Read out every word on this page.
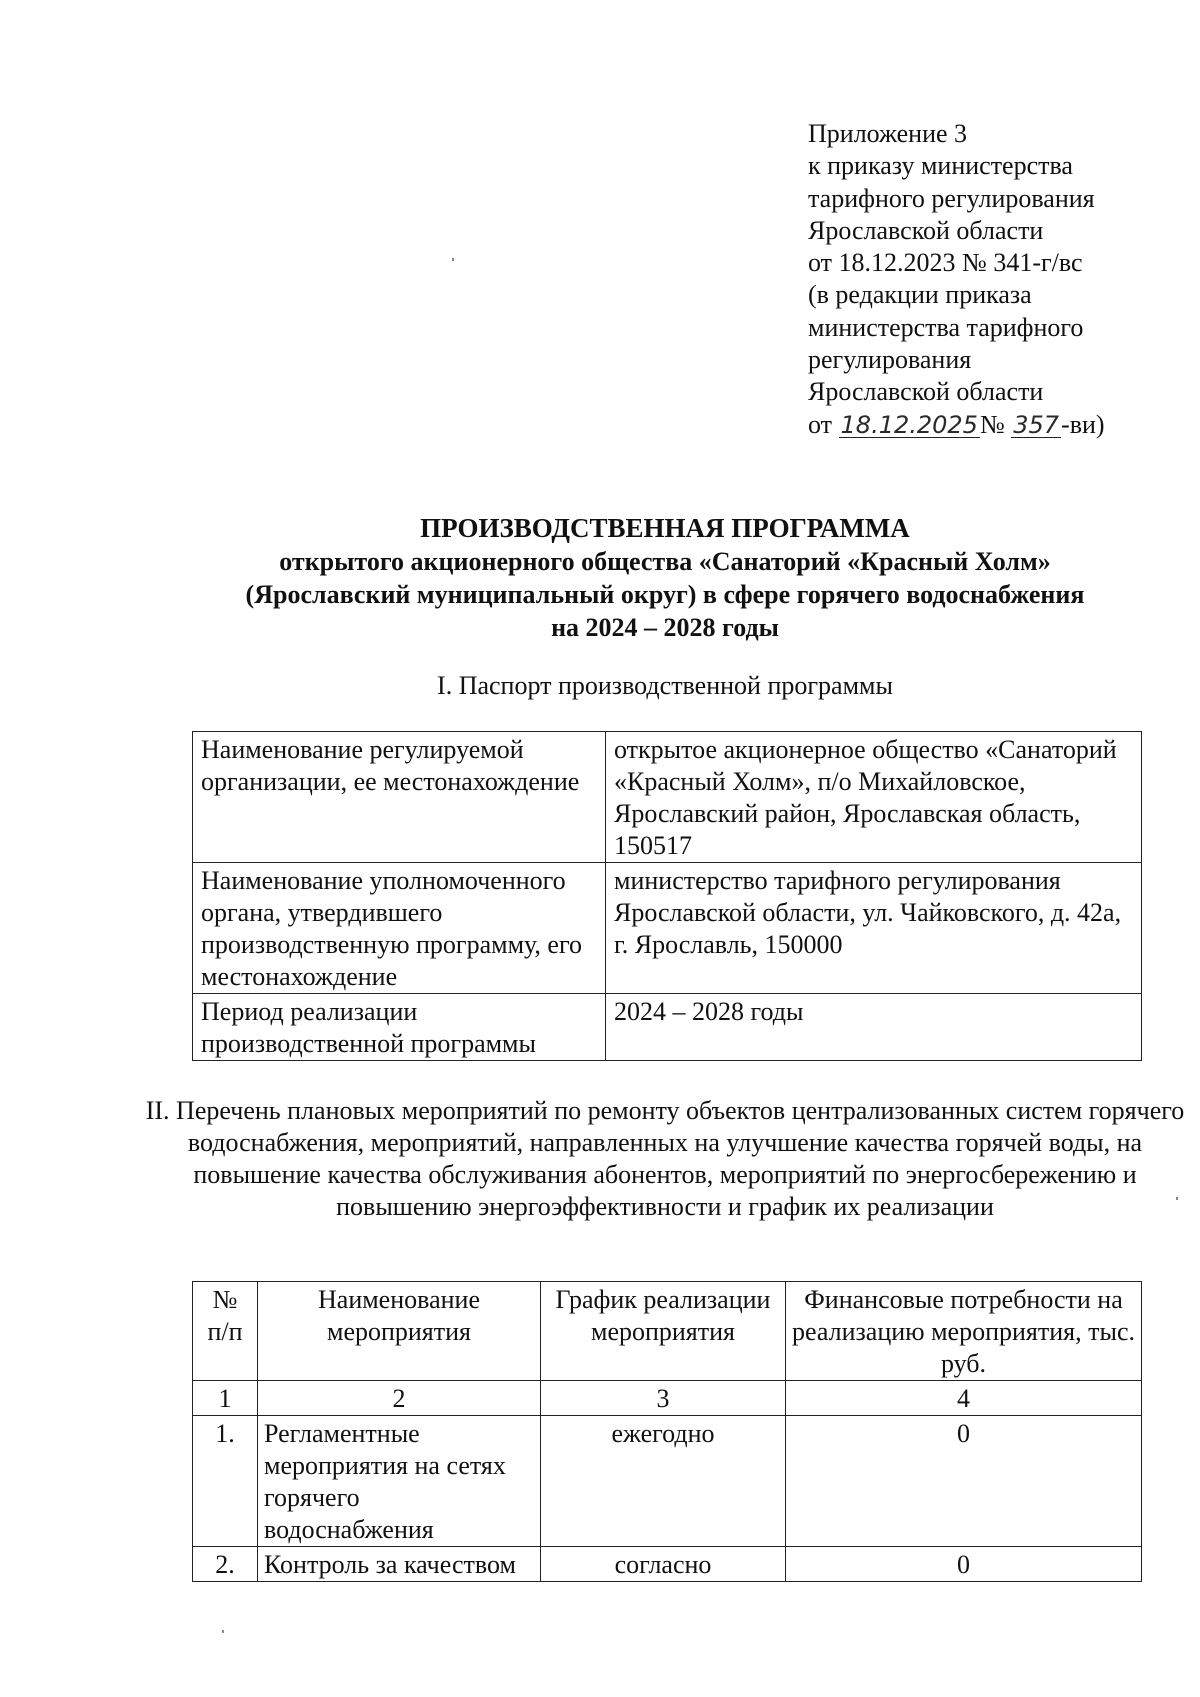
Приложение 3
к приказу министерства
тарифного регулирования
Ярославской области
от 18.12.2023 № 341-г/вс
(в редакции приказа
министерства тарифного
регулирования
Ярославской области
от 18.12.2025№ 357-ви)
ПРОИЗВОДСТВЕННАЯ ПРОГРАММА
открытого акционерного общества «Санаторий «Красный Холм»
(Ярославский муниципальный округ) в сфере горячего водоснабжения
на 2024 – 2028 годы
I. Паспорт производственной программы
Наименование регулируемой организации, ее местонахождение	открытое акционерное общество «Санаторий «Красный Холм», п/о Михайловское, Ярославский район, Ярославская область, 150517
Наименование уполномоченного органа, утвердившего производственную программу, его местонахождение	министерство тарифного регулирования Ярославской области, ул. Чайковского, д. 42а, г. Ярославль, 150000
Период реализации производственной программы	2024 – 2028 годы
II. Перечень плановых мероприятий по ремонту объектов централизованных систем горячего водоснабжения, мероприятий, направленных на улучшение качества горячей воды, на повышение качества обслуживания абонентов, мероприятий по энергосбережению и повышению энергоэффективности и график их реализации
№ п/п	Наименование мероприятия	График реализации мероприятия	Финансовые потребности на реализацию мероприятия, тыс. руб.
1	2	3	4
1.	Регламентные мероприятия на сетях горячего водоснабжения	ежегодно	0
2.	Контроль за качеством	согласно	0
